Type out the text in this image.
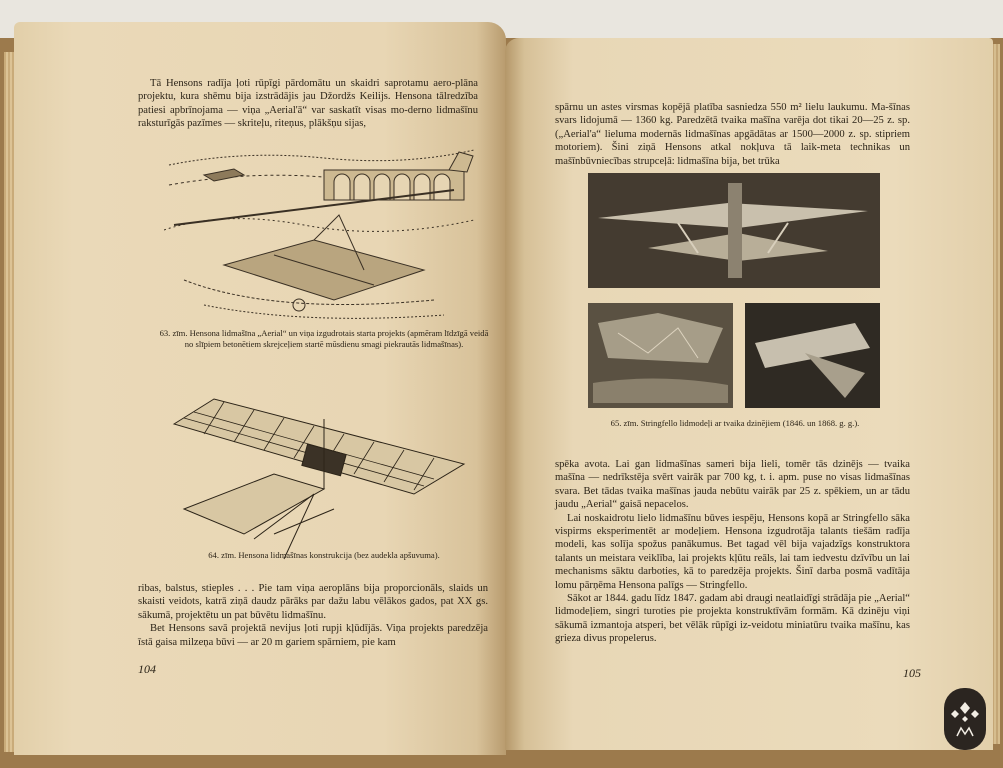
Tā Hensons radīja ļoti rūpīgi pārdomātu un skaidri saprotamu aero-plāna projektu, kura shēmu bija izstrādājis jau Džordžs Keilijs. Hensona tālredzība patiesi apbrīnojama — viņa „Aerial'ā“ var saskatīt visas mo-derno lidmašīnu raksturīgās pazīmes — skriteļu, riteņus, plākšņu sijas,

63. zīm. Hensona lidmašīna „Aerial“ un viņa izgudrotais starta projekts (apmēram līdzīgā veidā no slīpiem betonētiem skrejceļiem startē mūsdienu smagi piekrautās lidmašīnas).
64. zīm. Hensona lidmašīnas konstrukcija (bez audekla apšuvuma).

ribas, balstus, stieples . . . Pie tam viņa aeroplāns bija proporcionāls, slaids un skaisti veidots, katrā ziņā daudz pārāks par dažu labu vēlākos gados, pat XX gs. sākumā, projektētu un pat būvētu lidmašīnu.

Bet Hensons savā projektā nevijus ļoti rupji kļūdījās. Viņa projekts paredzēja īstā gaisa milzeņa būvi — ar 20 m gariem spārniem, pie kam

104

spārnu un astes virsmas kopējā platība sasniedza 550 m² lielu laukumu. Ma-šīnas svars lidojumā — 1360 kg. Paredzētā tvaika mašīna varēja dot tikai 20—25 z. sp. („Aerial'a“ lieluma modernās lidmašīnas apgādātas ar 1500—2000 z. sp. stipriem motoriem). Šini ziņā Hensons atkal nokļuva tā laik-meta technikas un mašīnbūvniecības strupceļā: lidmašīna bija, bet trūka

65. zīm. Stringfello lidmodeļi ar tvaika dzinējiem (1846. un 1868. g. g.).

spēka avota. Lai gan lidmašīnas sameri bija lieli, tomēr tās dzinējs — tvaika mašīna — nedrīkstēja svērt vairāk par 700 kg, t. i. apm. puse no visas lidmašīnas svara. Bet tādas tvaika mašīnas jauda nebūtu vairāk par 25 z. spēkiem, un ar tādu jaudu „Aerial“ gaisā nepacelos.

Lai noskaidrotu lielo lidmašīnu būves iespēju, Hensons kopā ar Stringfello sāka vispirms eksperimentēt ar modeļiem. Hensona izgudrotāja talants tiešām radīja modeli, kas solīja spožus panākumus. Bet tagad vēl bija vajadzīgs konstruktora talants un meistara veiklība, lai projekts kļūtu reāls, lai tam iedvestu dzīvību un lai mechanisms sāktu darboties, kā to paredzēja projekts. Šinī darba posmā vadītāja lomu pārņēma Hensona palīgs — Stringfello.

Sākot ar 1844. gadu līdz 1847. gadam abi draugi neatlaidīgi strādāja pie „Aerial“ lidmodeļiem, singri turoties pie projekta konstruktīvām formām. Kā dzinēju viņi sākumā izmantoja atsperi, bet vēlāk rūpīgi iz-veidotu miniatūru tvaika mašīnu, kas grieza divus propelerus.

105
